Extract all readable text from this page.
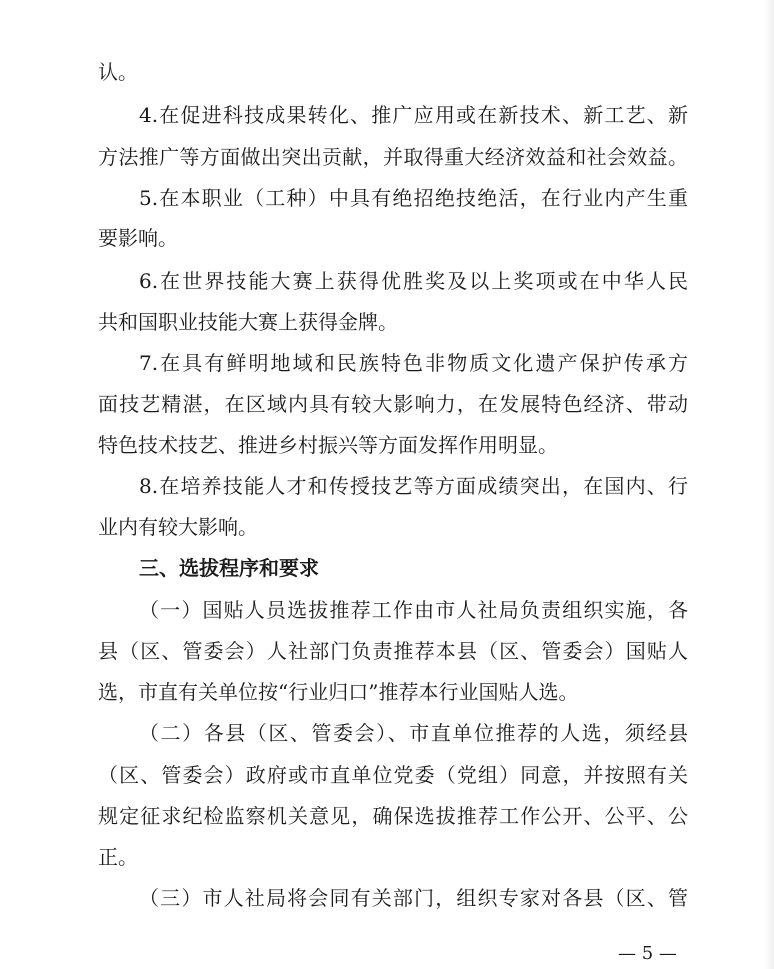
认。
4.在促进科技成果转化、推广应用或在新技术、新工艺、新
方法推广等方面做出突出贡献，并取得重大经济效益和社会效益。
5.在本职业（工种）中具有绝招绝技绝活，在行业内产生重
要影响。
6.在世界技能大赛上获得优胜奖及以上奖项或在中华人民
共和国职业技能大赛上获得金牌。
7.在具有鲜明地域和民族特色非物质文化遗产保护传承方
面技艺精湛，在区域内具有较大影响力，在发展特色经济、带动
特色技术技艺、推进乡村振兴等方面发挥作用明显。
8.在培养技能人才和传授技艺等方面成绩突出，在国内、行
业内有较大影响。
三、选拔程序和要求
（一）国贴人员选拔推荐工作由市人社局负责组织实施，各
县（区、管委会）人社部门负责推荐本县（区、管委会）国贴人
选，市直有关单位按“行业归口”推荐本行业国贴人选。
（二）各县（区、管委会）、市直单位推荐的人选，须经县
（区、管委会）政府或市直单位党委（党组）同意，并按照有关
规定征求纪检监察机关意见，确保选拔推荐工作公开、公平、公
正。
（三）市人社局将会同有关部门，组织专家对各县（区、管
— 5 —
